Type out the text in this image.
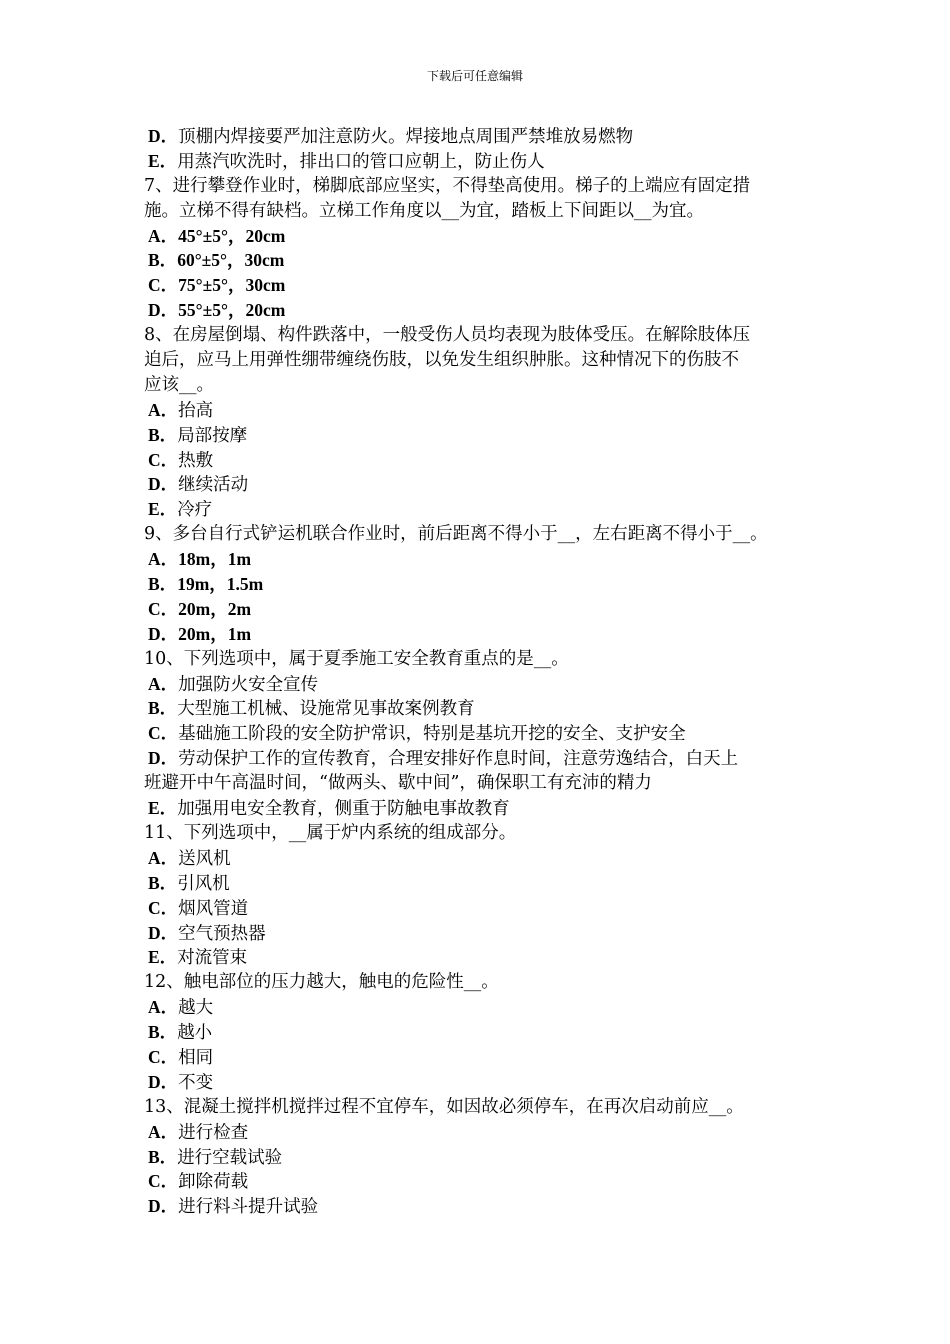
下载后可任意编辑
D．顶棚内焊接要严加注意防火。焊接地点周围严禁堆放易燃物
E．用蒸汽吹洗时，排出口的管口应朝上，防止伤人
7、进行攀登作业时，梯脚底部应坚实，不得垫高使用。梯子的上端应有固定措
施。立梯不得有缺档。立梯工作角度以__为宜，踏板上下间距以__为宜。
A．45°±5°，20cm
B．60°±5°，30cm
C．75°±5°，30cm
D．55°±5°，20cm
8、在房屋倒塌、构件跌落中，一般受伤人员均表现为肢体受压。在解除肢体压
迫后，应马上用弹性绷带缠绕伤肢，以免发生组织肿胀。这种情况下的伤肢不
应该__。
A．抬高
B．局部按摩
C．热敷
D．继续活动
E．冷疗
9、多台自行式铲运机联合作业时，前后距离不得小于__，左右距离不得小于__。
A．18m，1m
B．19m，1.5m
C．20m，2m
D．20m，1m
10、下列选项中，属于夏季施工安全教育重点的是__。
A．加强防火安全宣传
B．大型施工机械、设施常见事故案例教育
C．基础施工阶段的安全防护常识，特别是基坑开挖的安全、支护安全
D．劳动保护工作的宣传教育，合理安排好作息时间，注意劳逸结合，白天上
班避开中午高温时间，“做两头、歇中间”，确保职工有充沛的精力
E．加强用电安全教育，侧重于防触电事故教育
11、下列选项中，__属于炉内系统的组成部分。
A．送风机
B．引风机
C．烟风管道
D．空气预热器
E．对流管束
12、触电部位的压力越大，触电的危险性__。
A．越大
B．越小
C．相同
D．不变
13、混凝土搅拌机搅拌过程不宜停车，如因故必须停车，在再次启动前应__。
A．进行检查
B．进行空载试验
C．卸除荷载
D．进行料斗提升试验
